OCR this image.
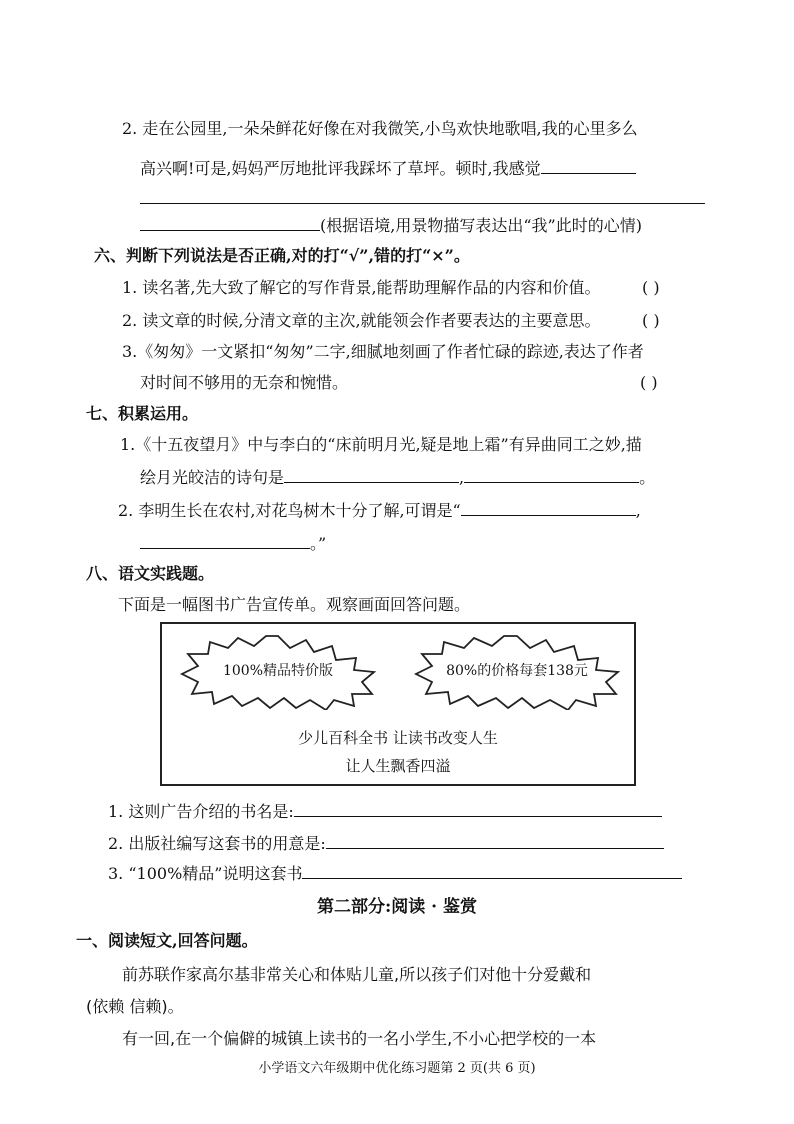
2. 走在公园里,一朵朵鲜花好像在对我微笑,小鸟欢快地歌唱,我的心里多么
高兴啊!可是,妈妈严厉地批评我踩坏了草坪。顿时,我感觉
(根据语境,用景物描写表达出“我”此时的心情)
六、判断下列说法是否正确,对的打“√”,错的打“×”。
1. 读名著,先大致了解它的写作背景,能帮助理解作品的内容和价值。	( )
2. 读文章的时候,分清文章的主次,就能领会作者要表达的主要意思。	( )
3.《匆匆》一文紧扣“匆匆”二字,细腻地刻画了作者忙碌的踪迹,表达了作者
对时间不够用的无奈和惋惜。	( )
七、积累运用。
1.《十五夜望月》中与李白的“床前明月光,疑是地上霜”有异曲同工之妙,描
绘月光皎洁的诗句是	,	。
2. 李明生长在农村,对花鸟树木十分了解,可谓是“	,
。”
八、语文实践题。
下面是一幅图书广告宣传单。观察画面回答问题。
100%精品特价版	80%的价格每套138元
少儿百科全书 让读书改变人生
让人生飘香四溢
1. 这则广告介绍的书名是:
2. 出版社编写这套书的用意是:
3. “100%精品”说明这套书
第二部分:阅读 · 鉴赏
一、阅读短文,回答问题。
前苏联作家高尔基非常关心和体贴儿童,所以孩子们对他十分爱戴和
(依赖 信赖)。
有一回,在一个偏僻的城镇上读书的一名小学生,不小心把学校的一本
小学语文六年级期中优化练习题第 2 页(共 6 页)
